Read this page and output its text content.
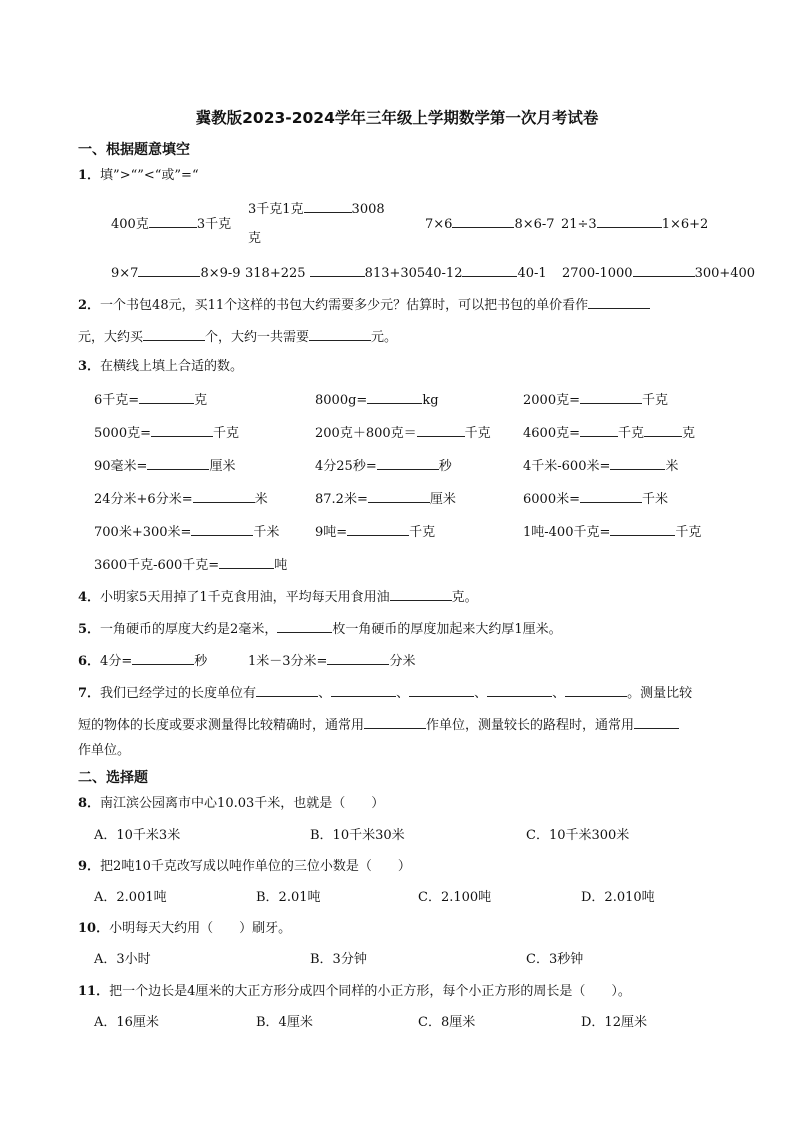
冀教版2023-2024学年三年级上学期数学第一次月考试卷
一、根据题意填空
1．填”>“”<“或”=“
400克	3千克
3千克1克	3008
克
7×6	8×6-7 21÷3	1×6+2
9×7	8×9-9 318+225	813+305 40-12	40-1 2700-1000	300+400
2．一个书包48元，买11个这样的书包大约需要多少元？估算时，可以把书包的单价看作
元，大约买	个，大约一共需要	元。
3．在横线上填上合适的数。
6千克=	克	8000g=	kg	2000克=	千克
5000克=	千克	200克＋800克＝	千克 4600克=	千克	克
90毫米=	厘米	4分25秒=	秒	4千米-600米=	米
24分米+6分米=	米	87.2米=	厘米	6000米=	千米
700米+300米=	千米	9吨=	千克	1吨-400千克=	千克
3600千克-600千克=	吨
4．小明家5天用掉了1千克食用油，平均每天用食用油	克。
5．一角硬币的厚度大约是2毫米，	枚一角硬币的厚度加起来大约厚1厘米。
6．4分=	秒	1米－3分米=	分米
7．我们已经学过的长度单位有	、	、	、	、	。测量比较
短的物体的长度或要求测量得比较精确时，通常用	作单位，测量较长的路程时，通常用
作单位。
二、选择题
8．南江滨公园离市中心10.03千米，也就是（　　）
A．10千米3米	B．10千米30米	C．10千米300米
9．把2吨10千克改写成以吨作单位的三位小数是（　　）
A．2.001吨	B．2.01吨	C．2.100吨	D．2.010吨
10．小明每天大约用（　　）刷牙。
A．3小时	B．3分钟	C．3秒钟
11．把一个边长是4厘米的大正方形分成四个同样的小正方形，每个小正方形的周长是（　　）。
A．16厘米	B．4厘米	C．8厘米	D．12厘米
